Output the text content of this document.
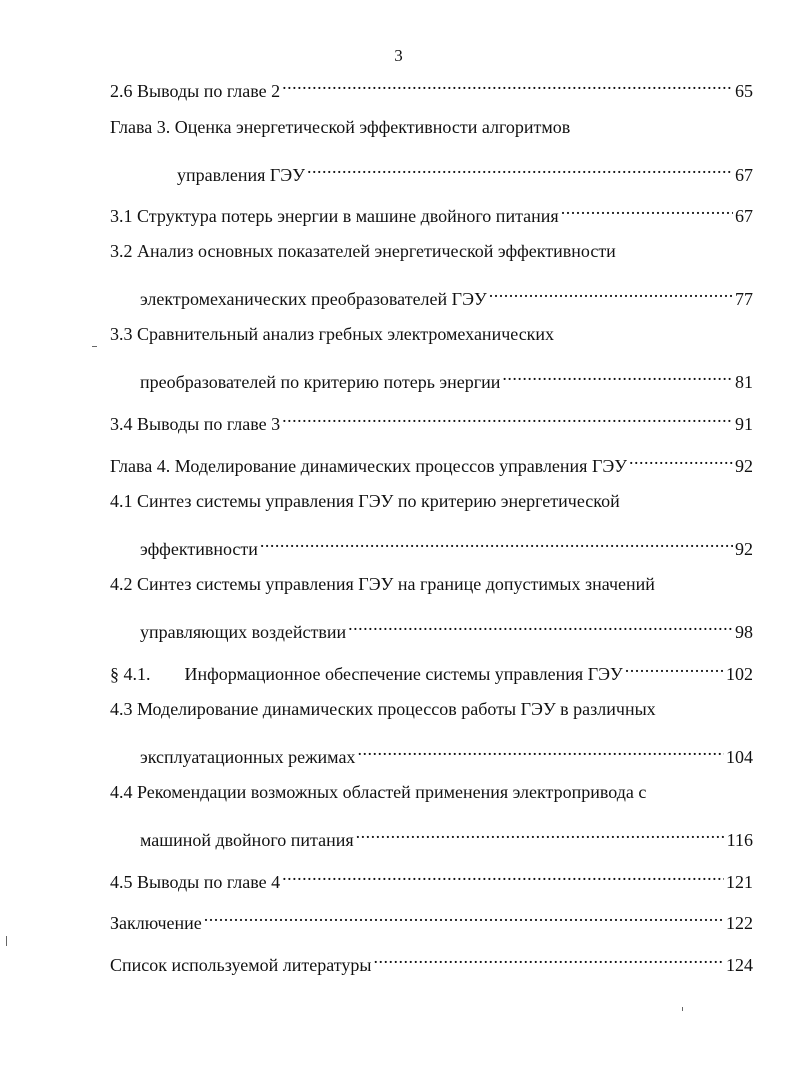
3
2.6 Выводы по главе 2 .....	65
Глава 3. Оценка энергетической эффективности алгоритмов
управления ГЭУ .....	67
3.1 Структура потерь энергии в машине двойного питания .....	67
3.2 Анализ основных показателей энергетической эффективности
электромеханических преобразователей ГЭУ .....	77
3.3 Сравнительный анализ гребных электромеханических
преобразователей по критерию потерь энергии .....	81
3.4 Выводы по главе 3 .....	91
Глава 4. Моделирование динамических процессов управления ГЭУ .....	92
4.1 Синтез системы управления ГЭУ по критерию энергетической
эффективности .....	92
4.2 Синтез системы управления ГЭУ на границе допустимых значений
управляющих воздействии .....	98
§ 4.1. Информационное обеспечение системы управления ГЭУ .....	102
4.3 Моделирование динамических процессов работы ГЭУ в различных
эксплуатационных режимах .....	104
4.4 Рекомендации возможных областей применения электропривода с
машиной двойного питания .....	116
4.5 Выводы по главе 4 .....	121
Заключение .....	122
Список используемой литературы .....	124
